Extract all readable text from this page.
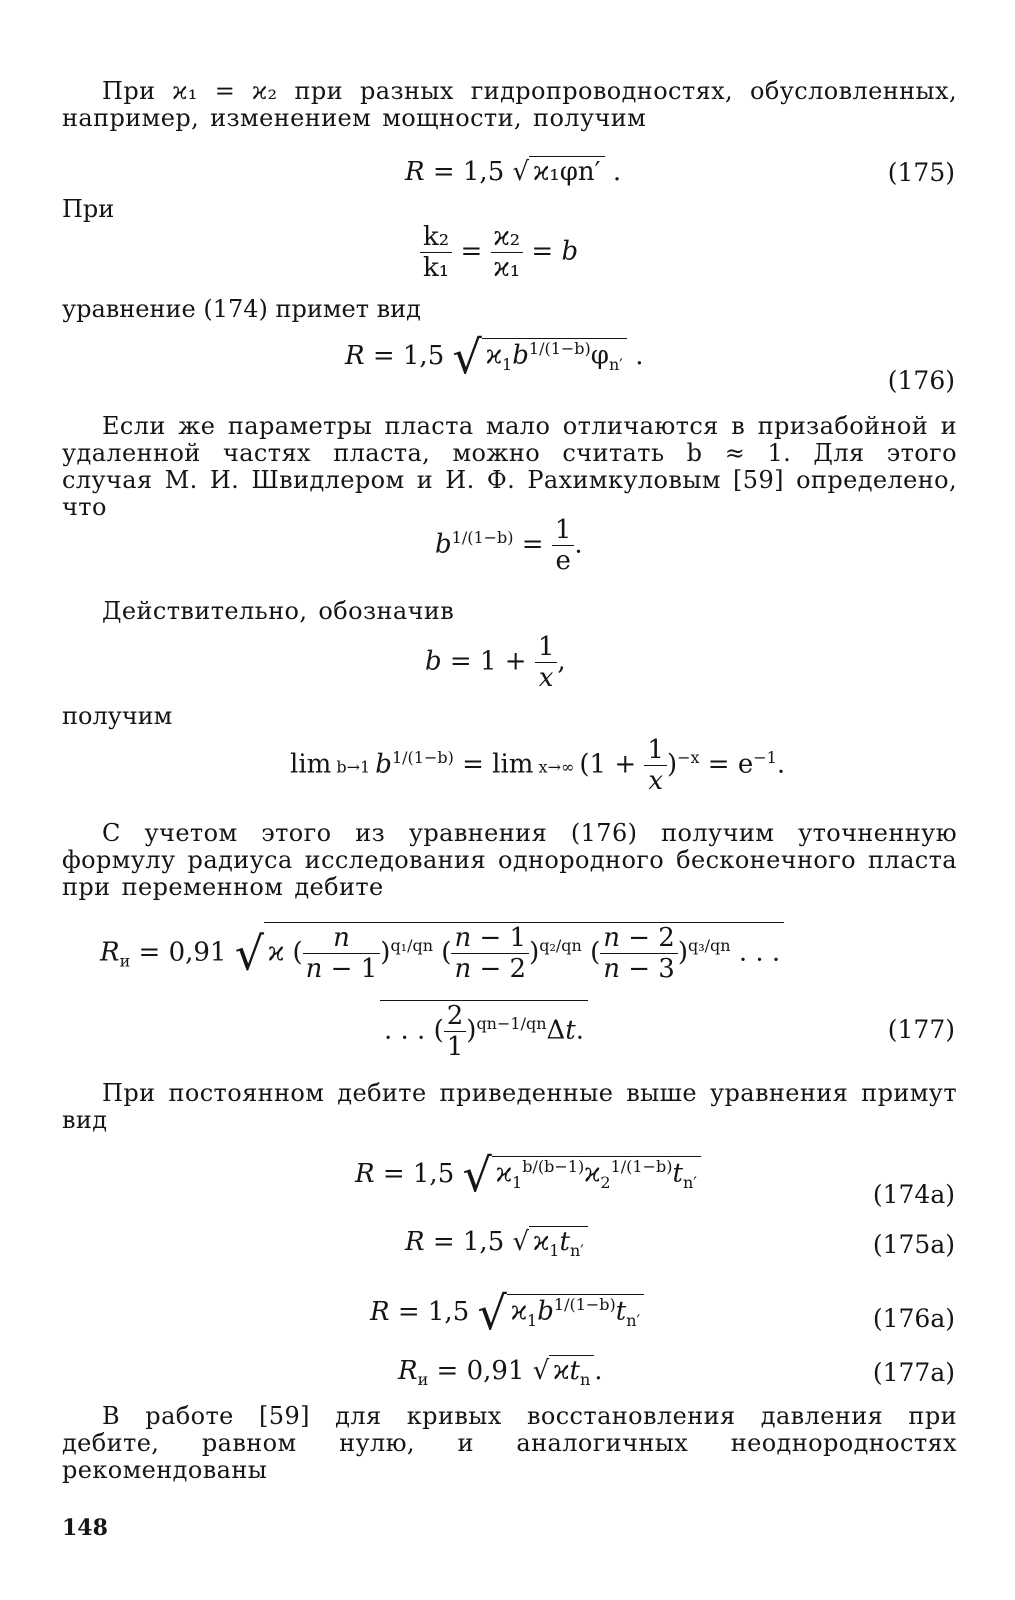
При ϰ₁ = ϰ₂ при разных гидропроводностях, обусловленных, например, изменением мощности, получим
R = 1,5 √ ϰ₁φn′ .	(175)
При
$\frac{\text{k₂}}{\text{k₁}} = \frac{\text{ϰ₂}}{\text{ϰ₁}} = b$
уравнение (174) примет вид
R = 1,5 √ $ϰ_1b^{1/(1-b)}\varphi_{n'}$ .
(176)
Если же параметры пласта мало отличаются в призабойной и удаленной частях пласта, можно считать b ≈ 1. Для этого случая М. И. Швидлером и И. Ф. Рахимкуловым [59] определено, что
$b^{1/(1-b)} = \frac{1}{e}$ .
Действительно, обозначив
$b = 1 + \frac{1}{x}$ ,
получим
lim b→1 $b^{1/(1-b)} = \lim x\to\infty$ $(1 + \frac{1}{x} )^{-x} = e^{-1}$.
С учетом этого из уравнения (176) получим уточненную формулу радиуса исследования однородного бесконечного пласта при переменном дебите
$R_и = 0,91$ √ ϰ ( $\frac{n}{n - 1} )^{q_1/qn}$ ( $\frac{n - 1}{n - 2} )^{q_2/qn}$ ( $\frac{n - 2}{n - 3} )^{q_3/qn}$ . . .
. . . ( $\frac{2}{1} )^{qn-1/qn}\Delta t$.	(177)
При постоянном дебите приведенные выше уравнения примут вид
R = 1,5 √ $ϰ_1^{b/(b-1)}ϰ_2^{1/(1-b)}t_{n'}$	(174a)
R = 1,5 √ $ϰ_1t_{n'}$	(175a)
R = 1,5 √ $ϰ_1b^{1/(1-b)}t_{n'}$	(176a)
$R_и = 0,91$ √ $ϰt_n$ .	(177a)
В работе [59] для кривых восстановления давления при дебите, равном нулю, и аналогичных неоднородностях рекомендованы
148
